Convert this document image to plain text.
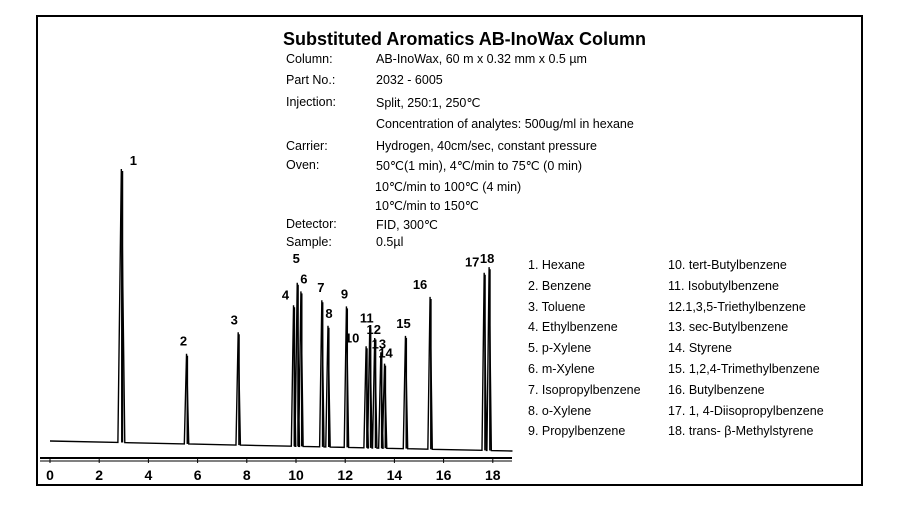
Substituted Aromatics AB-InoWax Column
Column:	AB-InoWax, 60 m x 0.32 mm x 0.5 µm
Part No.:	2032 - 6005
Injection:	Split, 250:1, 250℃
Concentration of analytes: 500ug/ml in hexane
Carrier:	Hydrogen, 40cm/sec, constant pressure
Oven:	50℃(1 min), 4℃/min to 75℃ (0 min)
10℃/min to 100℃ (4 min)
10℃/min to 150℃
Detector:	FID, 300℃
Sample:	0.5µl
1. Hexane
2. Benzene
3. Toluene
4. Ethylbenzene
5. p-Xylene
6. m-Xylene
7. Isopropylbenzene
8. o-Xylene
9. Propylbenzene
10. tert-Butylbenzene
11. Isobutylbenzene
12.1,3,5-Triethylbenzene
13. sec-Butylbenzene
14. Styrene
15. 1,2,4-Trimethylbenzene
16. Butylbenzene
17. 1, 4-Diisopropylbenzene
18. trans- β-Methylstyrene
0	2	4	6	8	10 12 14 16 18
1
2
3
4
5
6
7
8
9
10
11
12
13
14
15
16
17 18
